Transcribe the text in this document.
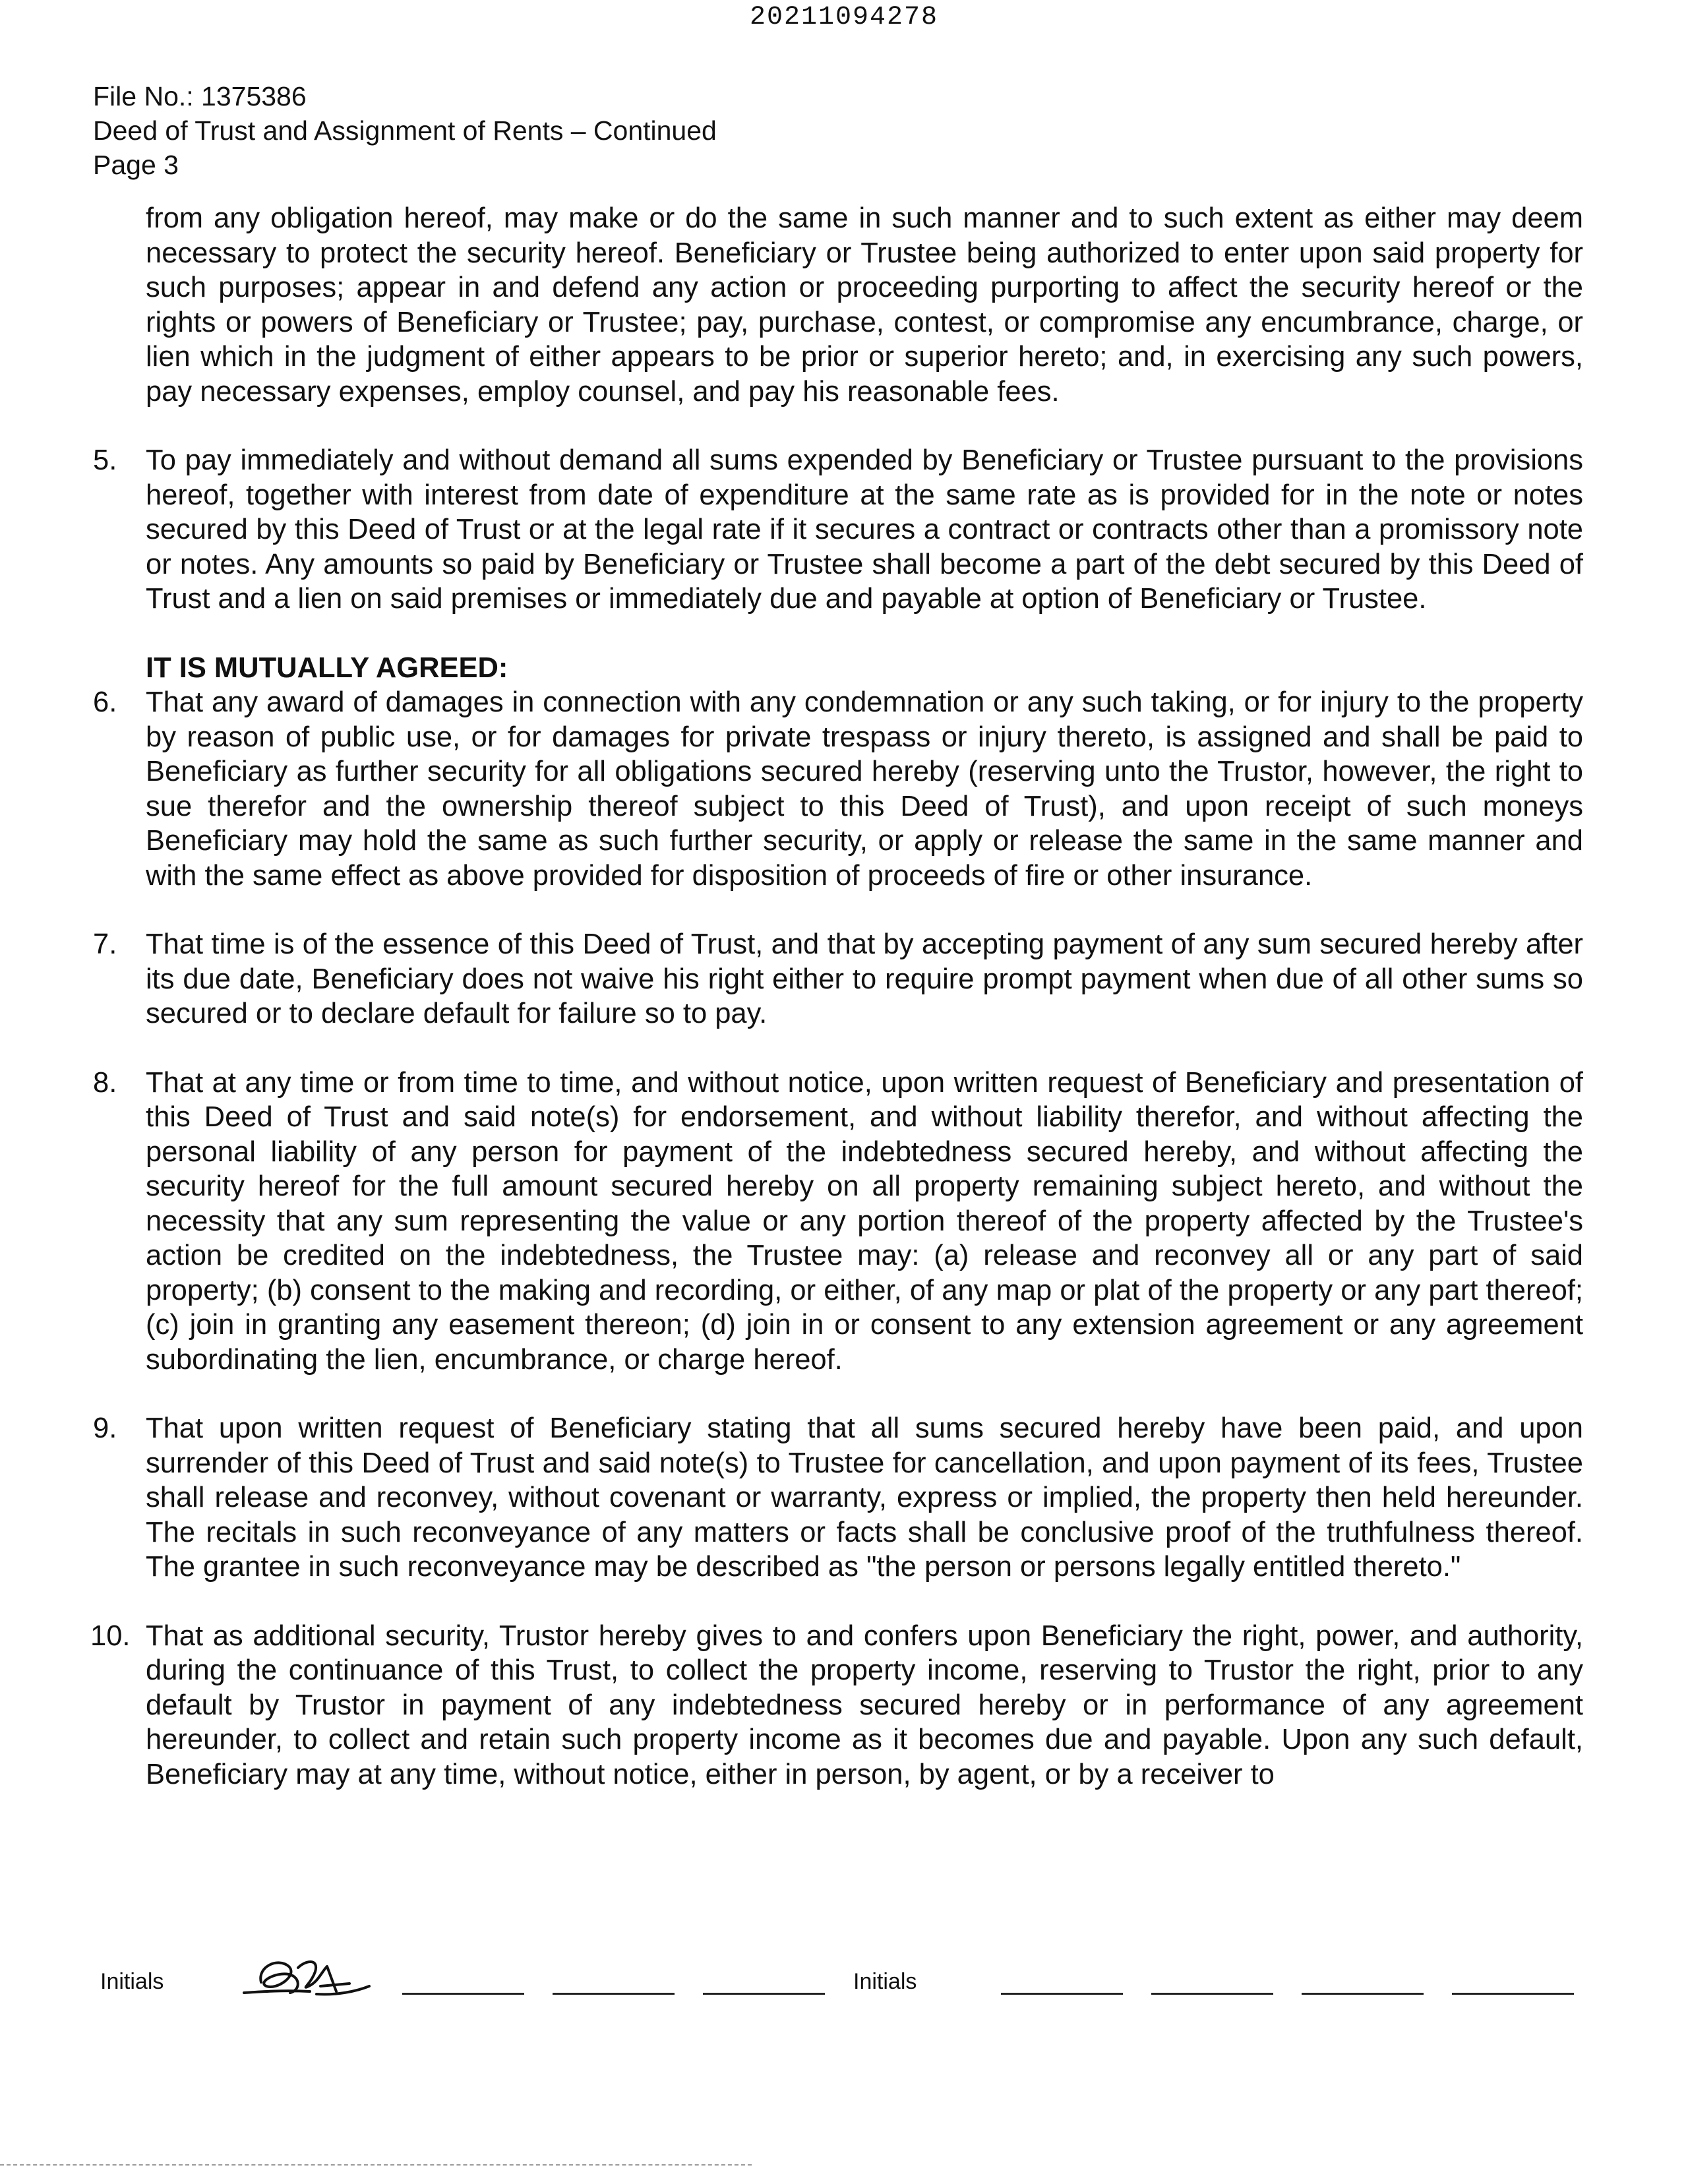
20211094278
File No.: 1375386
Deed of Trust and Assignment of Rents – Continued
Page 3

from any obligation hereof, may make or do the same in such manner and to such extent as either may deem necessary to protect the security hereof. Beneficiary or Trustee being authorized to enter upon said property for such purposes; appear in and defend any action or proceeding purporting to affect the security hereof or the rights or powers of Beneficiary or Trustee; pay, purchase, contest, or compromise any encumbrance, charge, or lien which in the judgment of either appears to be prior or superior hereto; and, in exercising any such powers, pay necessary expenses, employ counsel, and pay his reasonable fees.

5.	To pay immediately and without demand all sums expended by Beneficiary or Trustee pursuant to the provisions hereof, together with interest from date of expenditure at the same rate as is provided for in the note or notes secured by this Deed of Trust or at the legal rate if it secures a contract or contracts other than a promissory note or notes. Any amounts so paid by Beneficiary or Trustee shall become a part of the debt secured by this Deed of Trust and a lien on said premises or immediately due and payable at option of Beneficiary or Trustee.
IT IS MUTUALLY AGREED:
6.	That any award of damages in connection with any condemnation or any such taking, or for injury to the property by reason of public use, or for damages for private trespass or injury thereto, is assigned and shall be paid to Beneficiary as further security for all obligations secured hereby (reserving unto the Trustor, however, the right to sue therefor and the ownership thereof subject to this Deed of Trust), and upon receipt of such moneys Beneficiary may hold the same as such further security, or apply or release the same in the same manner and with the same effect as above provided for disposition of proceeds of fire or other insurance.
7.	That time is of the essence of this Deed of Trust, and that by accepting payment of any sum secured hereby after its due date, Beneficiary does not waive his right either to require prompt payment when due of all other sums so secured or to declare default for failure so to pay.
8.	That at any time or from time to time, and without notice, upon written request of Beneficiary and presentation of this Deed of Trust and said note(s) for endorsement, and without liability therefor, and without affecting the personal liability of any person for payment of the indebtedness secured hereby, and without affecting the security hereof for the full amount secured hereby on all property remaining subject hereto, and without the necessity that any sum representing the value or any portion thereof of the property affected by the Trustee's action be credited on the indebtedness, the Trustee may: (a) release and reconvey all or any part of said property; (b) consent to the making and recording, or either, of any map or plat of the property or any part thereof; (c) join in granting any easement thereon; (d) join in or consent to any extension agreement or any agreement subordinating the lien, encumbrance, or charge hereof.
9.	That upon written request of Beneficiary stating that all sums secured hereby have been paid, and upon surrender of this Deed of Trust and said note(s) to Trustee for cancellation, and upon payment of its fees, Trustee shall release and reconvey, without covenant or warranty, express or implied, the property then held hereunder. The recitals in such reconveyance of any matters or facts shall be conclusive proof of the truthfulness thereof. The grantee in such reconveyance may be described as "the person or persons legally entitled thereto."
10. That as additional security, Trustor hereby gives to and confers upon Beneficiary the right, power, and authority, during the continuance of this Trust, to collect the property income, reserving to Trustor the right, prior to any default by Trustor in payment of any indebtedness secured hereby or in performance of any agreement hereunder, to collect and retain such property income as it becomes due and payable. Upon any such default, Beneficiary may at any time, without notice, either in person, by agent, or by a receiver to
Initials	Initials
